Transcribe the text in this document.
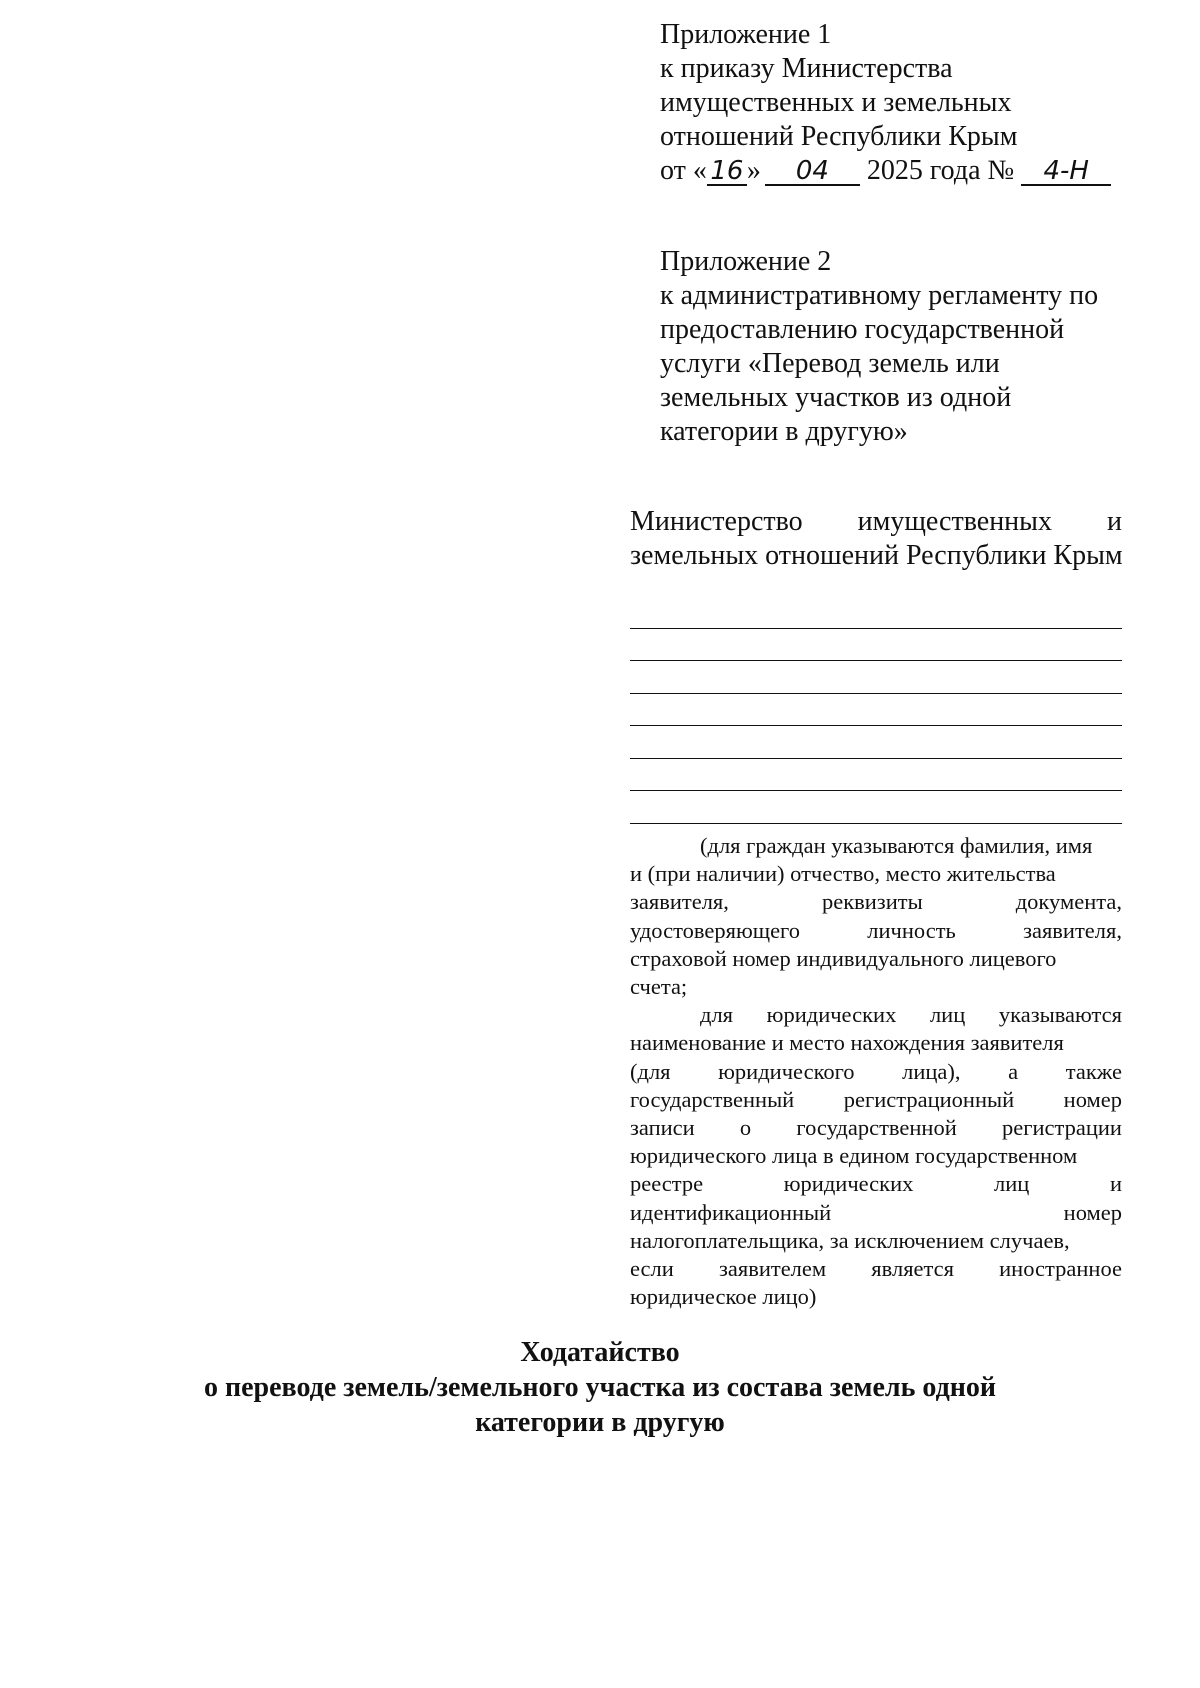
Приложение 1
к приказу Министерства
имущественных и земельных
отношений Республики Крым
от « 16 » 04 2025 года № 4-Н
Приложение 2
к административному регламенту по
предоставлению государственной
услуги «Перевод земель или
земельных участков из одной
категории в другую»
Министерство имущественных и
земельных отношений Республики Крым
(для граждан указываются фамилия, имя
и (при наличии) отчество, место жительства
заявителя,	реквизиты	документа,
удостоверяющего	личность	заявителя,
страховой номер индивидуального лицевого
счета;
для юридических лиц указываются
наименование и место нахождения заявителя
(для юридического лица), а также
государственный регистрационный номер
записи о государственной регистрации
юридического лица в едином государственном
реестре	юридических	лиц	и
идентификационный	номер
налогоплательщика, за исключением случаев,
если заявителем является иностранное
юридическое лицо)
Ходатайство
о переводе земель/земельного участка из состава земель одной
категории в другую
